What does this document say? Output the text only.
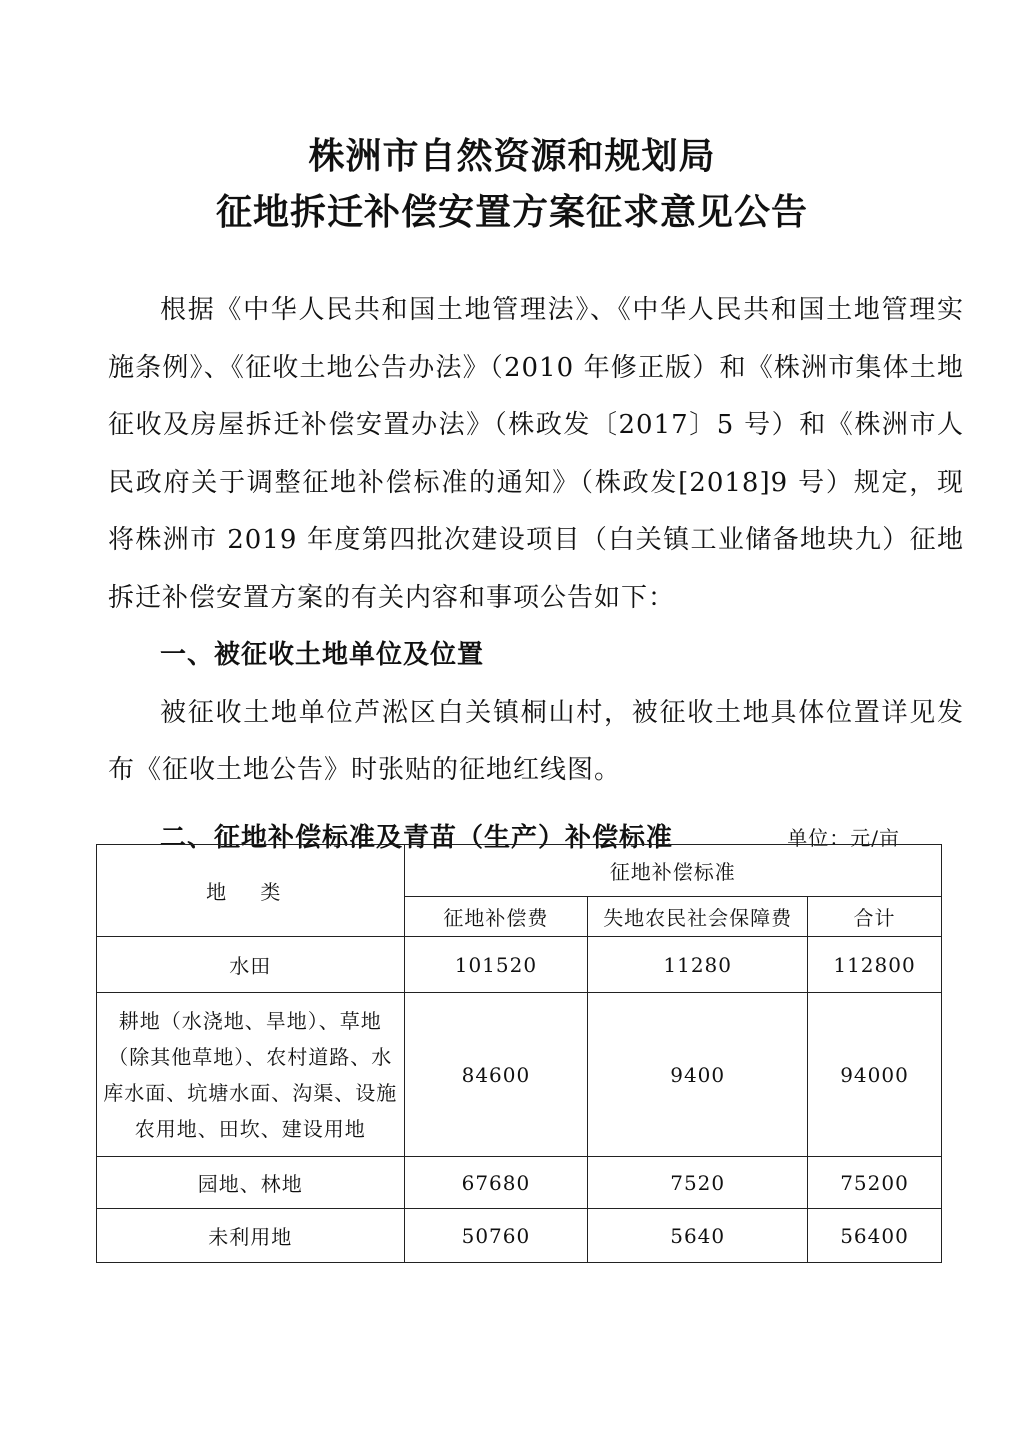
株洲市自然资源和规划局
征地拆迁补偿安置方案征求意见公告

根据《中华人民共和国土地管理法》、《中华人民共和国土地管理实施条例》、《征收土地公告办法》（2010 年修正版）和《株洲市集体土地征收及房屋拆迁补偿安置办法》（株政发〔2017〕5 号）和《株洲市人民政府关于调整征地补偿标准的通知》（株政发[2018]9 号）规定，现将株洲市 2019 年度第四批次建设项目（白关镇工业储备地块九）征地拆迁补偿安置方案的有关内容和事项公告如下：

一、被征收土地单位及位置

被征收土地单位芦淞区白关镇桐山村，被征收土地具体位置详见发布《征收土地公告》时张贴的征地红线图。

二、征地补偿标准及青苗（生产）补偿标准	单位：元/亩
地 类	征地补偿标准		
	征地补偿费	失地农民社会保障费	合计
水田	101520	11280	112800
耕地（水浇地、旱地）、草地（除其他草地）、农村道路、水库水面、坑塘水面、沟渠、设施农用地、田坎、建设用地	84600	9400	94000
园地、林地	67680	7520	75200
未利用地	50760	5640	56400
